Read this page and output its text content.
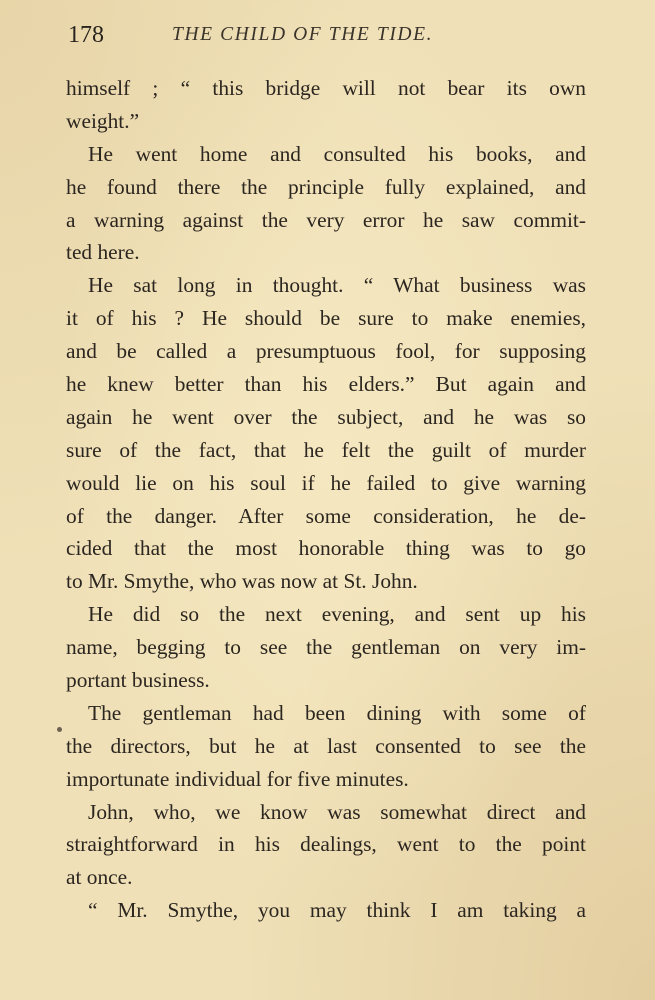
178	THE CHILD OF THE TIDE.
himself ; “ this bridge will not bear its own
weight.”
He went home and consulted his books, and
he found there the principle fully explained, and
a warning against the very error he saw commit-
ted here.
He sat long in thought. “ What business was
it of his ? He should be sure to make enemies,
and be called a presumptuous fool, for supposing
he knew better than his elders.” But again and
again he went over the subject, and he was so
sure of the fact, that he felt the guilt of murder
would lie on his soul if he failed to give warning
of the danger. After some consideration, he de-
cided that the most honorable thing was to go
to Mr. Smythe, who was now at St. John.
He did so the next evening, and sent up his
name, begging to see the gentleman on very im-
portant business.
The gentleman had been dining with some of
the directors, but he at last consented to see the
importunate individual for five minutes.
John, who, we know was somewhat direct and
straightforward in his dealings, went to the point
at once.
“ Mr. Smythe, you may think I am taking a
